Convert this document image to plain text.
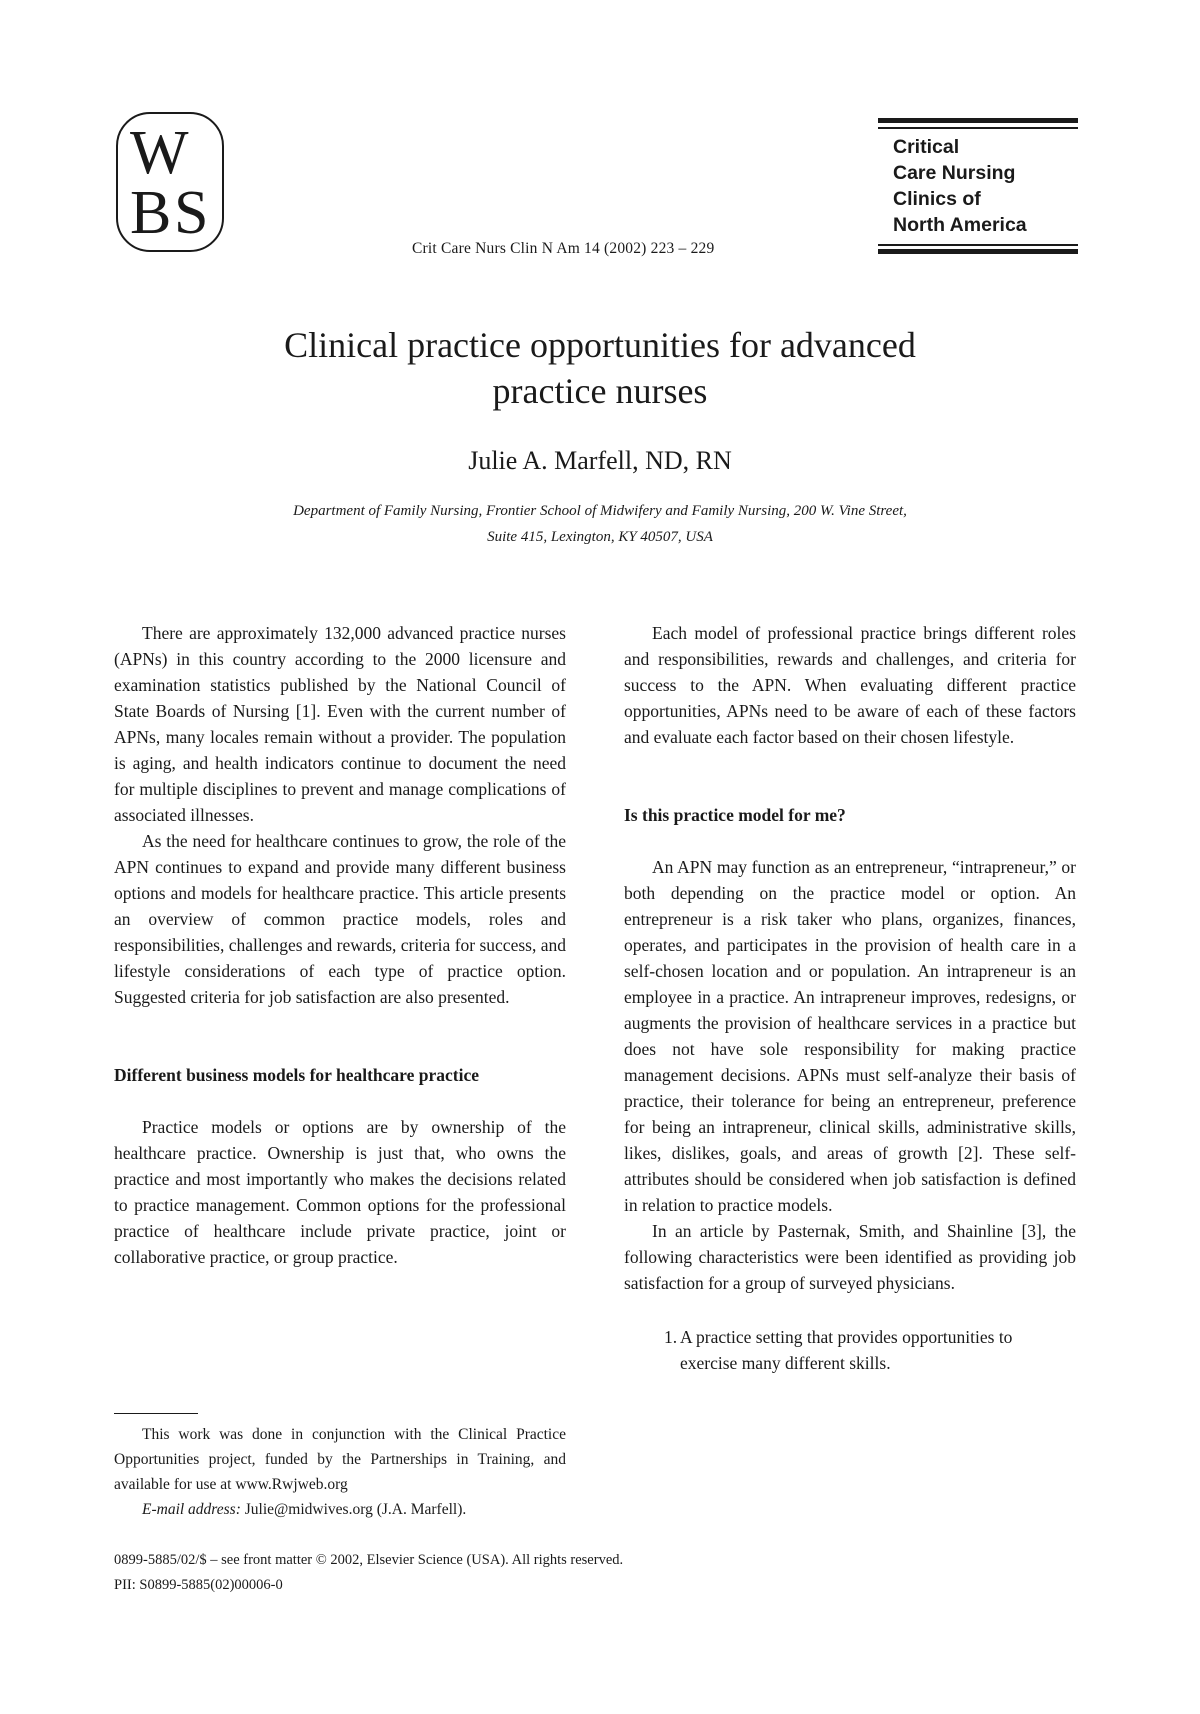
W
B S
Crit Care Nurs Clin N Am 14 (2002) 223 – 229
Critical
Care Nursing
Clinics of
North America
Clinical practice opportunities for advanced
practice nurses
Julie A. Marfell, ND, RN
Department of Family Nursing, Frontier School of Midwifery and Family Nursing, 200 W. Vine Street,
Suite 415, Lexington, KY 40507, USA

There are approximately 132,000 advanced practice nurses (APNs) in this country according to the 2000 licensure and examination statistics published by the National Council of State Boards of Nursing [1]. Even with the current number of APNs, many locales remain without a provider. The population is aging, and health indicators continue to document the need for multiple disciplines to prevent and manage complications of associated illnesses.

As the need for healthcare continues to grow, the role of the APN continues to expand and provide many different business options and models for healthcare practice. This article presents an overview of common practice models, roles and responsibilities, challenges and rewards, criteria for success, and lifestyle considerations of each type of practice option. Suggested criteria for job satisfaction are also presented.

Different business models for healthcare practice

Practice models or options are by ownership of the healthcare practice. Ownership is just that, who owns the practice and most importantly who makes the decisions related to practice management. Common options for the professional practice of healthcare include private practice, joint or collaborative practice, or group practice.

Each model of professional practice brings different roles and responsibilities, rewards and challenges, and criteria for success to the APN. When evaluating different practice opportunities, APNs need to be aware of each of these factors and evaluate each factor based on their chosen lifestyle.

Is this practice model for me?

An APN may function as an entrepreneur, “intrapreneur,” or both depending on the practice model or option. An entrepreneur is a risk taker who plans, organizes, finances, operates, and participates in the provision of health care in a self-chosen location and or population. An intrapreneur is an employee in a practice. An intrapreneur improves, redesigns, or augments the provision of healthcare services in a practice but does not have sole responsibility for making practice management decisions. APNs must self-analyze their basis of practice, their tolerance for being an entrepreneur, preference for being an intrapreneur, clinical skills, administrative skills, likes, dislikes, goals, and areas of growth [2]. These self-attributes should be considered when job satisfaction is defined in relation to practice models.

In an article by Pasternak, Smith, and Shainline [3], the following characteristics were been identified as providing job satisfaction for a group of surveyed physicians.

1. A practice setting that provides opportunities to exercise many different skills.

This work was done in conjunction with the Clinical Practice Opportunities project, funded by the Partnerships in Training, and available for use at www.Rwjweb.org

E-mail address: Julie@midwives.org (J.A. Marfell).

0899-5885/02/$ – see front matter © 2002, Elsevier Science (USA). All rights reserved.
PII: S0899-5885(02)00006-0
